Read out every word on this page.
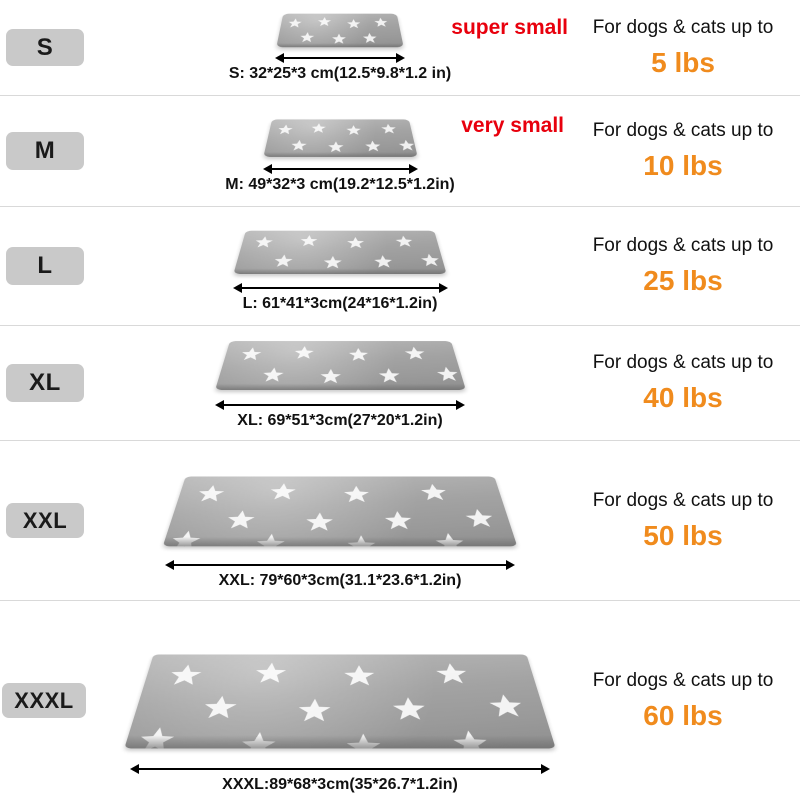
S
S: 32*25*3 cm(12.5*9.8*1.2 in)
super small	For dogs & cats up to
5 lbs
M
M: 49*32*3 cm(19.2*12.5*1.2in)
very small	For dogs & cats up to
10 lbs
L
L: 61*41*3cm(24*16*1.2in)
For dogs & cats up to
25 lbs
XL
XL: 69*51*3cm(27*20*1.2in)
For dogs & cats up to
40 lbs
XXL
XXL: 79*60*3cm(31.1*23.6*1.2in)
For dogs & cats up to
50 lbs
XXXL
XXXL:89*68*3cm(35*26.7*1.2in)
For dogs & cats up to
60 lbs
